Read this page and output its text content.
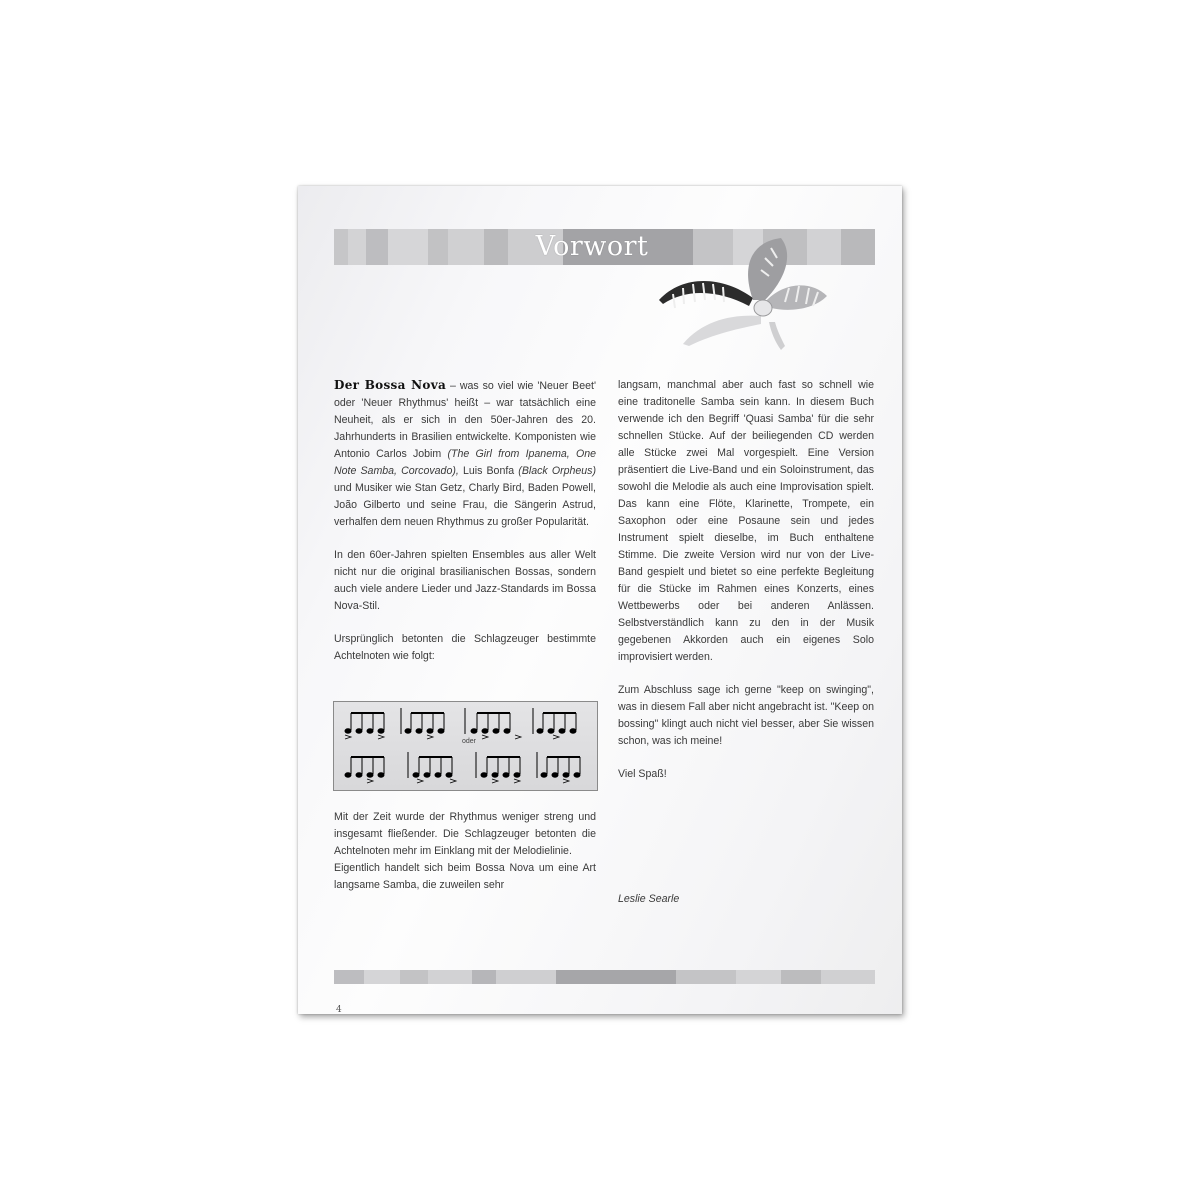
Vorwort

Der Bossa Nova – was so viel wie 'Neuer Beet' oder 'Neuer Rhythmus' heißt – war tatsächlich eine Neuheit, als er sich in den 50er-Jahren des 20. Jahrhunderts in Brasilien entwickelte. Komponisten wie Antonio Carlos Jobim (The Girl from Ipanema, One Note Samba, Corcovado), Luis Bonfa (Black Orpheus) und Musiker wie Stan Getz, Charly Bird, Baden Powell, João Gilberto und seine Frau, die Sängerin Astrud, verhalfen dem neuen Rhythmus zu großer Popularität.

In den 60er-Jahren spielten Ensembles aus aller Welt nicht nur die original brasilianischen Bossas, sondern auch viele andere Lieder und Jazz-Standards im Bossa Nova-Stil.

Ursprünglich betonten die Schlagzeuger bestimmte Achtelnoten wie folgt:

oder

Mit der Zeit wurde der Rhythmus weniger streng und insgesamt fließender. Die Schlagzeuger betonten die Achtelnoten mehr im Einklang mit der Melodielinie.

Eigentlich handelt sich beim Bossa Nova um eine Art langsame Samba, die zuweilen sehr

langsam, manchmal aber auch fast so schnell wie eine traditonelle Samba sein kann. In diesem Buch verwende ich den Begriff 'Quasi Samba' für die sehr schnellen Stücke. Auf der beiliegenden CD werden alle Stücke zwei Mal vorgespielt. Eine Version präsentiert die Live-Band und ein Soloinstrument, das sowohl die Melodie als auch eine Improvisation spielt. Das kann eine Flöte, Klarinette, Trompete, ein Saxophon oder eine Posaune sein und jedes Instrument spielt dieselbe, im Buch enthaltene Stimme. Die zweite Version wird nur von der Live-Band gespielt und bietet so eine perfekte Begleitung für die Stücke im Rahmen eines Konzerts, eines Wettbewerbs oder bei anderen Anlässen. Selbstverständlich kann zu den in der Musik gegebenen Akkorden auch ein eigenes Solo improvisiert werden.

Zum Abschluss sage ich gerne "keep on swinging", was in diesem Fall aber nicht angebracht ist. "Keep on bossing" klingt auch nicht viel besser, aber Sie wissen schon, was ich meine!

Viel Spaß!

Leslie Searle
4
